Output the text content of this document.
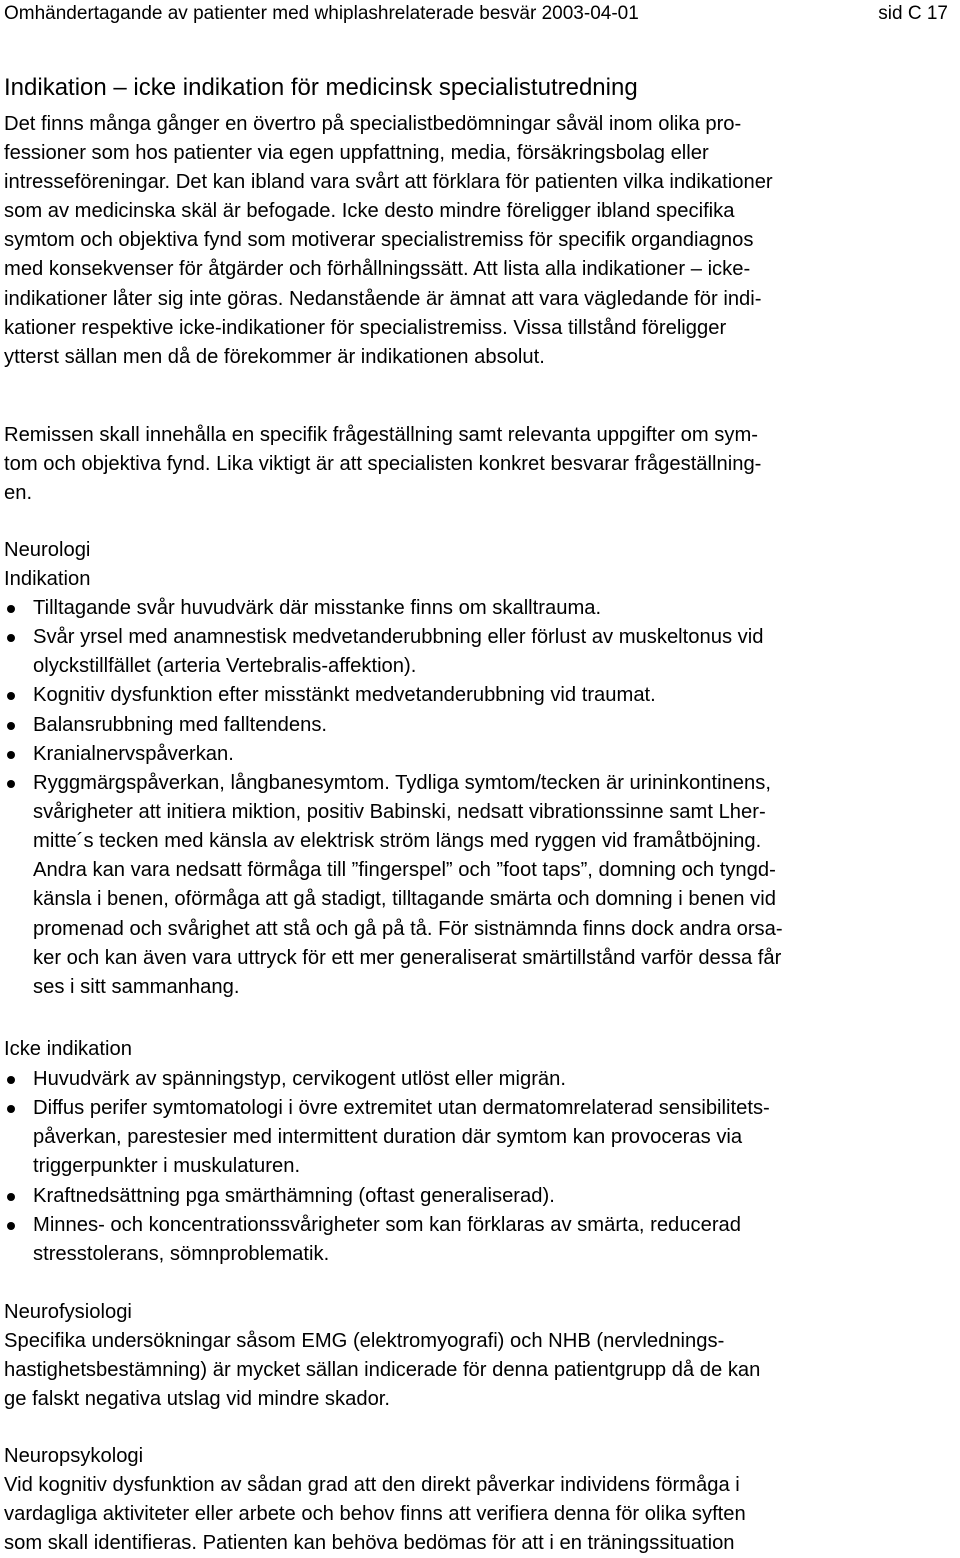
Omhändertagande av patienter med whiplashrelaterade besvär 2003-04-01	sid C 17
Indikation – icke indikation för medicinsk specialistutredning

Det finns många gånger en övertro på specialistbedömningar såväl inom olika pro-
fessioner som hos patienter via egen uppfattning, media, försäkringsbolag eller
intresseföreningar. Det kan ibland vara svårt att förklara för patienten vilka indikationer
som av medicinska skäl är befogade. Icke desto mindre föreligger ibland specifika
symtom och objektiva fynd som motiverar specialistremiss för specifik organdiagnos
med konsekvenser för åtgärder och förhållningssätt. Att lista alla indikationer – icke-
indikationer låter sig inte göras. Nedanstående är ämnat att vara vägledande för indi-
kationer respektive icke-indikationer för specialistremiss. Vissa tillstånd föreligger
ytterst sällan men då de förekommer är indikationen absolut.

Remissen skall innehålla en specifik frågeställning samt relevanta uppgifter om sym-
tom och objektiva fynd. Lika viktigt är att specialisten konkret besvarar frågeställning-
en.

Neurologi
Indikation
Tilltagande svår huvudvärk där misstanke finns om skalltrauma.
Svår yrsel med anamnestisk medvetanderubbning eller förlust av muskeltonus vid
olyckstillfället (arteria Vertebralis-affektion).
Kognitiv dysfunktion efter misstänkt medvetanderubbning vid traumat.
Balansrubbning med falltendens.
Kranialnervspåverkan.
Ryggmärgspåverkan, långbanesymtom. Tydliga symtom/tecken är urininkontinens,
svårigheter att initiera miktion, positiv Babinski, nedsatt vibrationssinne samt Lher-
mitte´s tecken med känsla av elektrisk ström längs med ryggen vid framåtböjning.
Andra kan vara nedsatt förmåga till ”fingerspel” och ”foot taps”, domning och tyngd-
känsla i benen, oförmåga att gå stadigt, tilltagande smärta och domning i benen vid
promenad och svårighet att stå och gå på tå. För sistnämnda finns dock andra orsa-
ker och kan även vara uttryck för ett mer generaliserat smärtillstånd varför dessa får
ses i sitt sammanhang.
Icke indikation
Huvudvärk av spänningstyp, cervikogent utlöst eller migrän.
Diffus perifer symtomatologi i övre extremitet utan dermatomrelaterad sensibilitets-
påverkan, parestesier med intermittent duration där symtom kan provoceras via
triggerpunkter i muskulaturen.
Kraftnedsättning pga smärthämning (oftast generaliserad).
Minnes- och koncentrationssvårigheter som kan förklaras av smärta, reducerad
stresstolerans, sömnproblematik.
Neurofysiologi

Specifika undersökningar såsom EMG (elektromyografi) och NHB (nervlednings-
hastighetsbestämning) är mycket sällan indicerade för denna patientgrupp då de kan
ge falskt negativa utslag vid mindre skador.

Neuropsykologi

Vid kognitiv dysfunktion av sådan grad att den direkt påverkar individens förmåga i
vardagliga aktiviteter eller arbete och behov finns att verifiera denna för olika syften
som skall identifieras. Patienten kan behöva bedömas för att i en träningssituation
